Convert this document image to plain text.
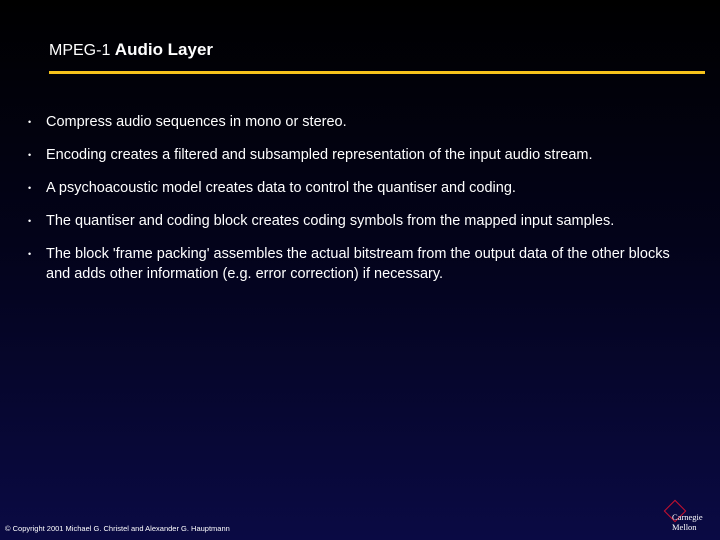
MPEG-1 Audio Layer
• Compress audio sequences in mono or stereo.
• Encoding creates a filtered and subsampled representation of the input audio stream.
• A psychoacoustic model creates data to control the quantiser and coding.
• The quantiser and coding block creates coding symbols from the mapped input samples.
• The block 'frame packing' assembles the actual bitstream from the output data of the other blocks and adds other information (e.g. error correction) if necessary.
© Copyright 2001 Michael G. Christel and Alexander G. Hauptmann
Carnegie
Mellon
